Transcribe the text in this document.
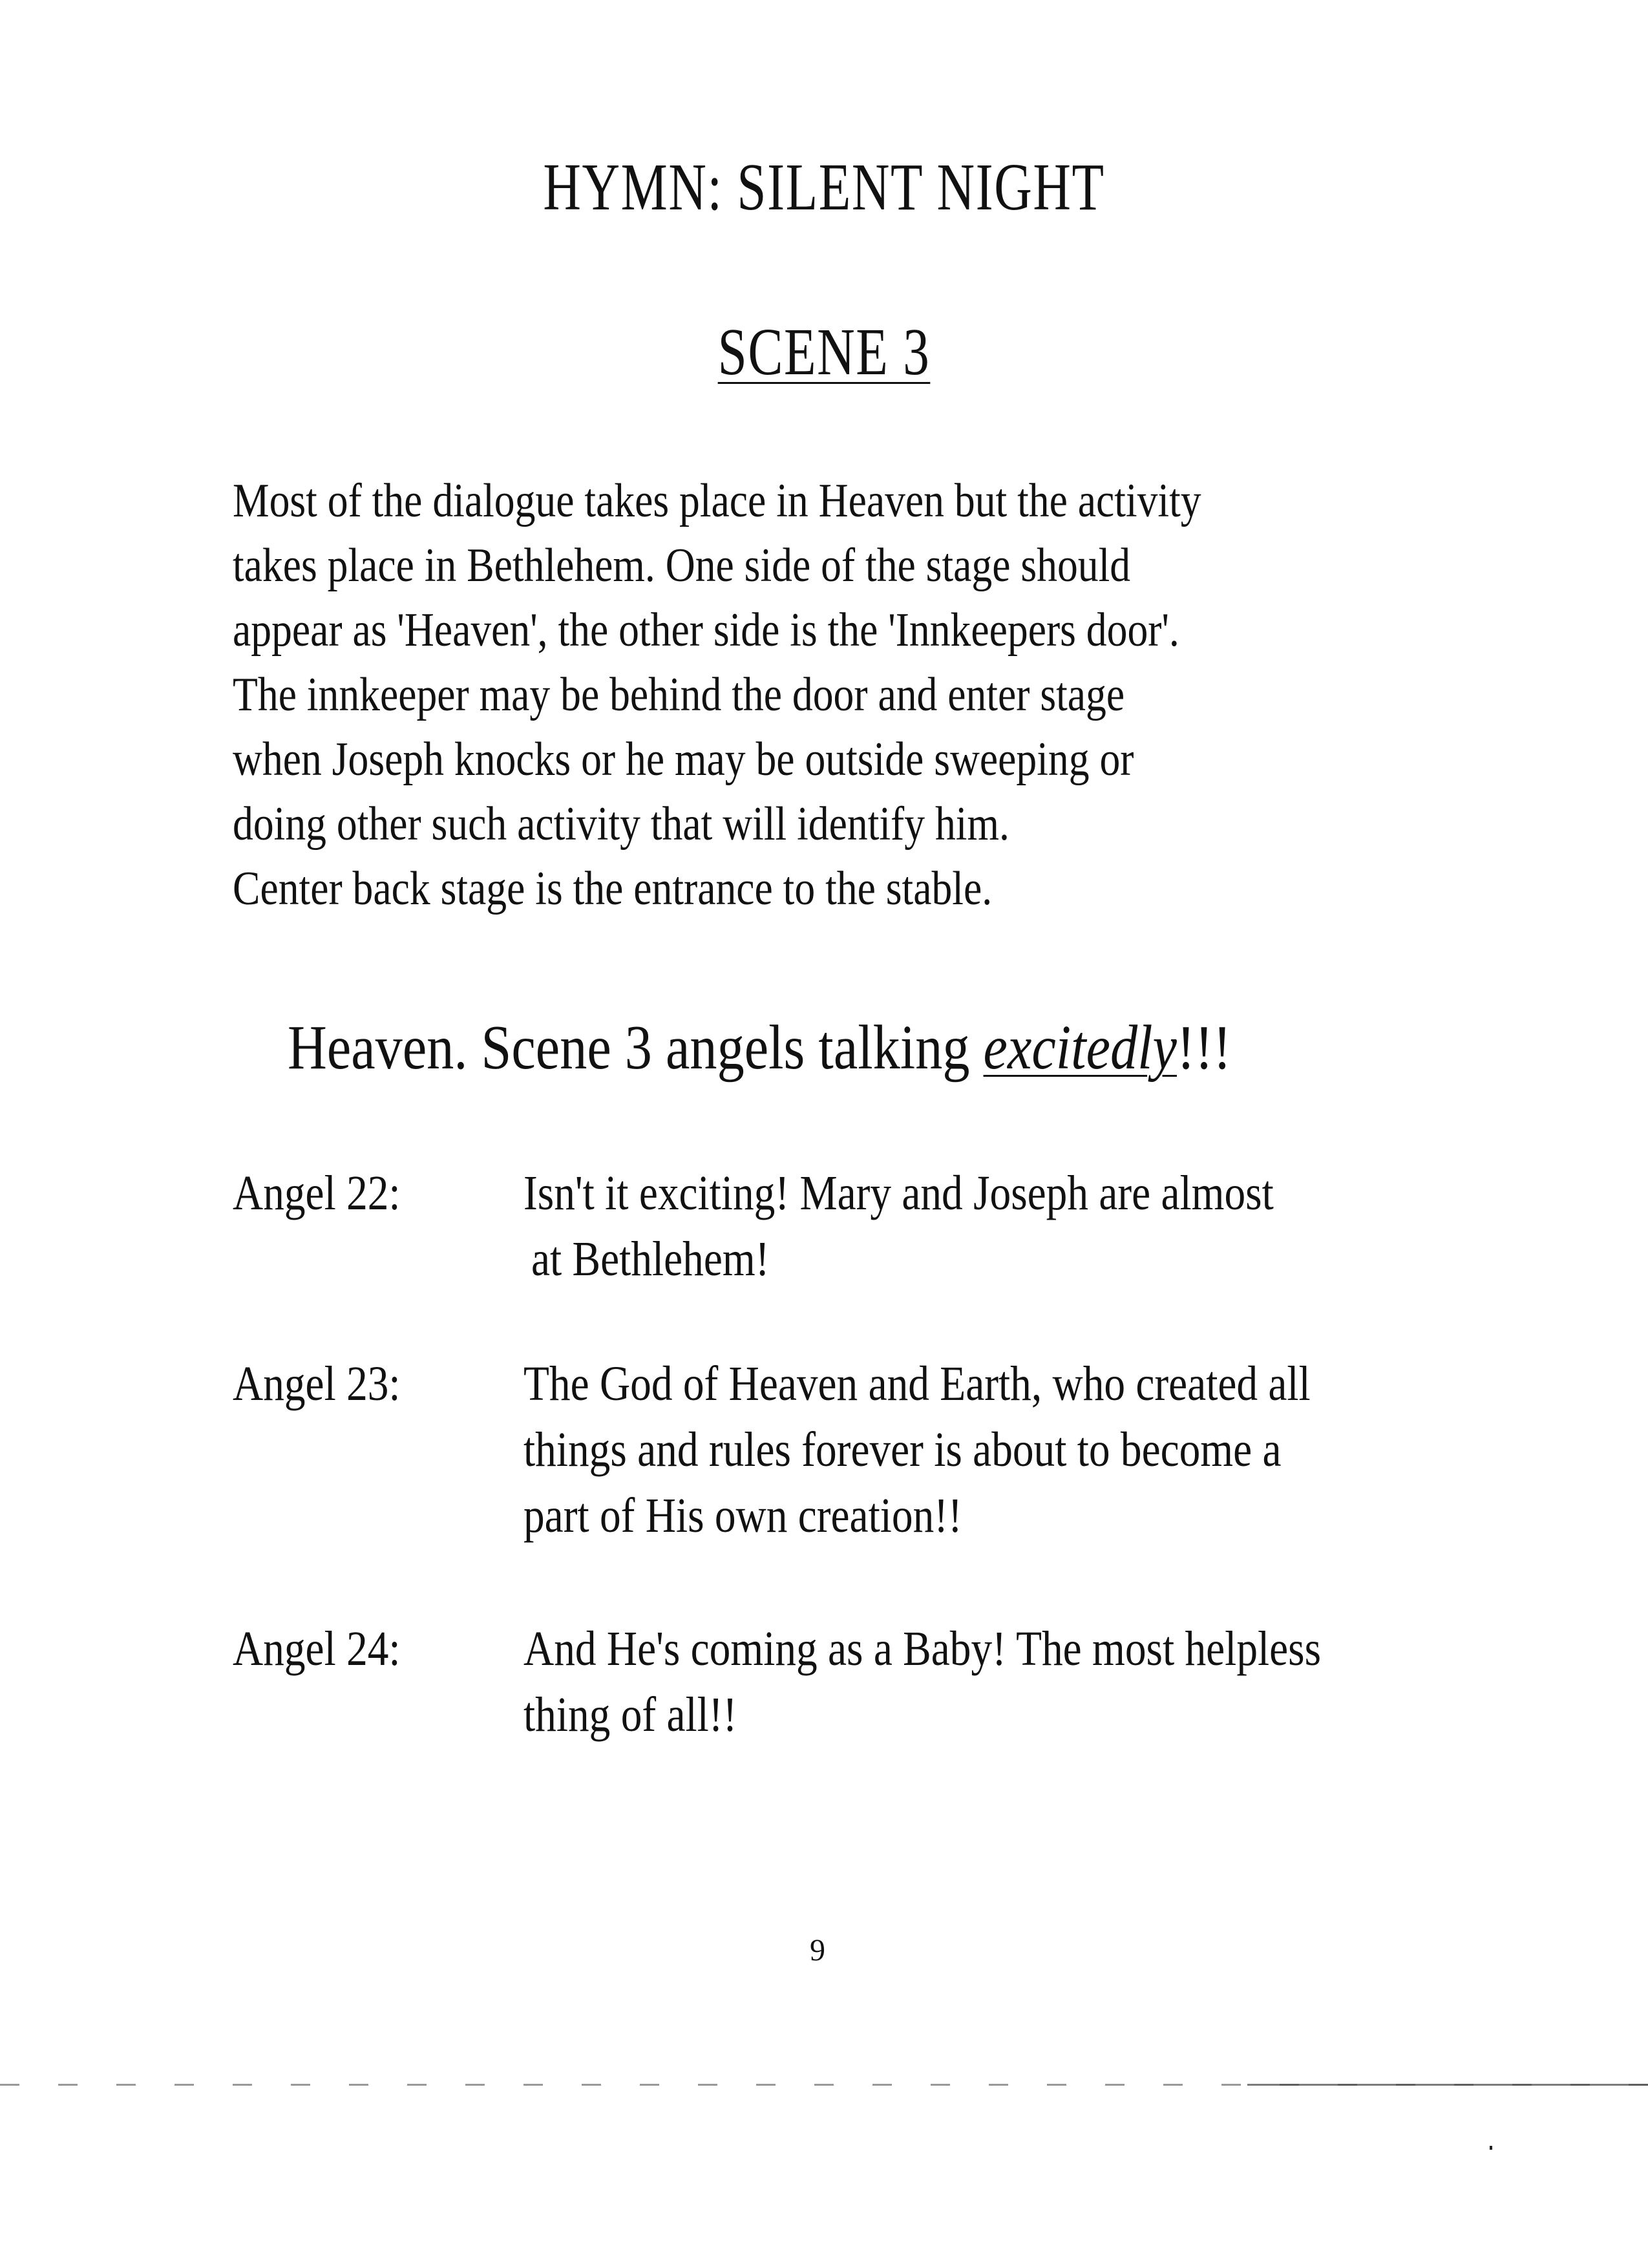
HYMN: SILENT NIGHT
SCENE 3
Most of the dialogue takes place in Heaven but the activity
takes place in Bethlehem. One side of the stage should
appear as 'Heaven', the other side is the 'Innkeepers door'.
The innkeeper may be behind the door and enter stage
when Joseph knocks or he may be outside sweeping or
doing other such activity that will identify him.
Center back stage is the entrance to the stable.
Heaven. Scene 3 angels talking excitedly!!!
Angel 22:	Isn't it exciting! Mary and Joseph are almost
at Bethlehem!
Angel 23:	The God of Heaven and Earth, who created all
things and rules forever is about to become a
part of His own creation!!
Angel 24:	And He's coming as a Baby! The most helpless
thing of all!!
9
